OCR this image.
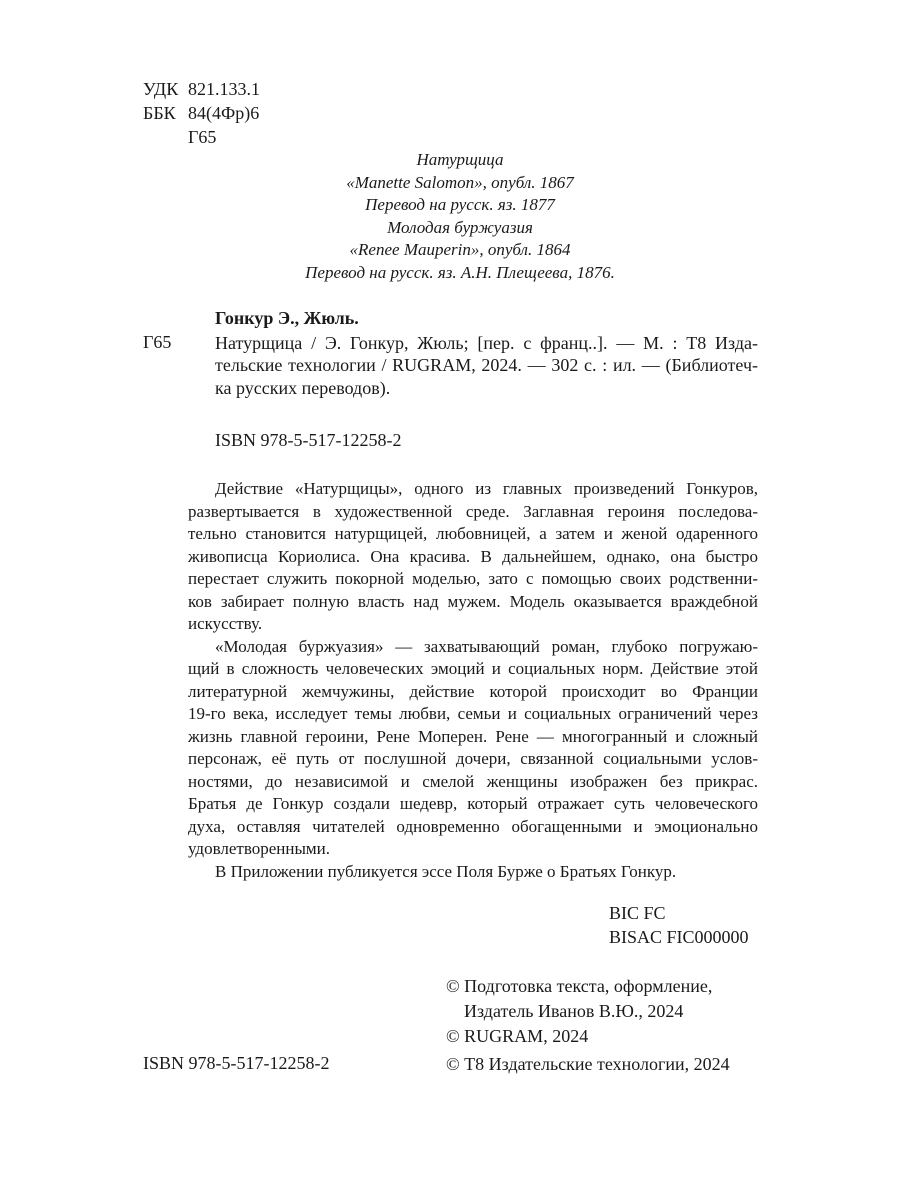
УДК 821.133.1
ББК 84(4Фр)6
Г65
Натурщица
«Manette Salomon», опубл. 1867
Перевод на русск. яз. 1877
Молодая буржуазия
«Renee Mauperin», опубл. 1864
Перевод на русск. яз. А.Н. Плещеева, 1876.
Гонкур Э., Жюль.
Г65 Натурщица / Э. Гонкур, Жюль; [пер. с франц..]. — М. : Т8 Изда-
тельские технологии / RUGRAM, 2024. — 302 с. : ил. — (Библиотеч-
ка русских переводов).
ISBN 978-5-517-12258-2
Действие «Натурщицы», одного из главных произведений Гонкуров,
развертывается в художественной среде. Заглавная героиня последова-
тельно становится натурщицей, любовницей, а затем и женой одаренного
живописца Кориолиса. Она красива. В дальнейшем, однако, она быстро
перестает служить покорной моделью, зато с помощью своих родственни-
ков забирает полную власть над мужем. Модель оказывается враждебной
искусству.
«Молодая буржуазия» — захватывающий роман, глубоко погружаю-
щий в сложность человеческих эмоций и социальных норм. Действие этой
литературной жемчужины, действие которой происходит во Франции
19-го века, исследует темы любви, семьи и социальных ограничений через
жизнь главной героини, Рене Моперен. Рене — многогранный и сложный
персонаж, её путь от послушной дочери, связанной социальными услов-
ностями, до независимой и смелой женщины изображен без прикрас.
Братья де Гонкур создали шедевр, который отражает суть человеческого
духа, оставляя читателей одновременно обогащенными и эмоционально
удовлетворенными.
В Приложении публикуется эссе Поля Бурже о Братьях Гонкур.
BIC FC
BISAC FIC000000
© Подготовка текста, оформление,
Издатель Иванов В.Ю., 2024
© RUGRAM, 2024
© Т8 Издательские технологии, 2024
ISBN 978-5-517-12258-2
